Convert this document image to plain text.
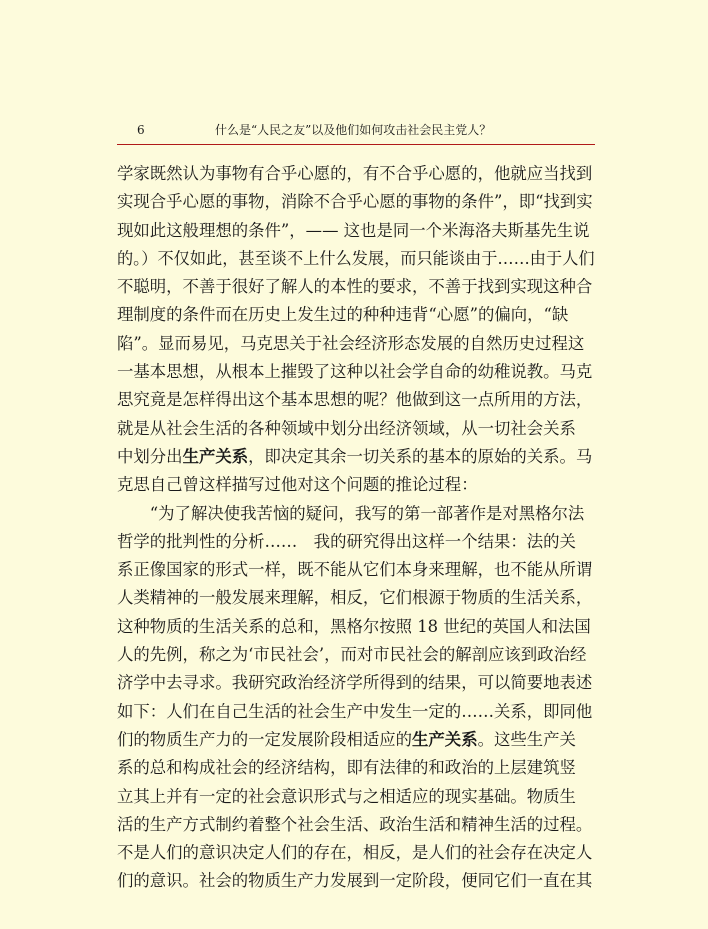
6	什么是“人民之友”以及他们如何攻击社会民主党人？
学家既然认为事物有合乎心愿的，有不合乎心愿的，他就应当找到
实现合乎心愿的事物，消除不合乎心愿的事物的条件”，即“找到实
现如此这般理想的条件”，—— 这也是同一个米海洛夫斯基先生说
的。）不仅如此，甚至谈不上什么发展，而只能谈由于……由于人们
不聪明，不善于很好了解人的本性的要求，不善于找到实现这种合
理制度的条件而在历史上发生过的种种违背“心愿”的偏向，“缺
陷”。显而易见，马克思关于社会经济形态发展的自然历史过程这
一基本思想，从根本上摧毁了这种以社会学自命的幼稚说教。马克
思究竟是怎样得出这个基本思想的呢？他做到这一点所用的方法，
就是从社会生活的各种领域中划分出经济领域，从一切社会关系
中划分出生产关系，即决定其余一切关系的基本的原始的关系。马
克思自己曾这样描写过他对这个问题的推论过程：
　　“为了解决使我苦恼的疑问，我写的第一部著作是对黑格尔法
哲学的批判性的分析……　我的研究得出这样一个结果：法的关
系正像国家的形式一样，既不能从它们本身来理解，也不能从所谓
人类精神的一般发展来理解，相反，它们根源于物质的生活关系，
这种物质的生活关系的总和，黑格尔按照 18 世纪的英国人和法国
人的先例，称之为‘市民社会’，而对市民社会的解剖应该到政治经
济学中去寻求。我研究政治经济学所得到的结果，可以简要地表述
如下：人们在自己生活的社会生产中发生一定的……关系，即同他
们的物质生产力的一定发展阶段相适应的生产关系。这些生产关
系的总和构成社会的经济结构，即有法律的和政治的上层建筑竖
立其上并有一定的社会意识形式与之相适应的现实基础。物质生
活的生产方式制约着整个社会生活、政治生活和精神生活的过程。
不是人们的意识决定人们的存在，相反，是人们的社会存在决定人
们的意识。社会的物质生产力发展到一定阶段，便同它们一直在其
